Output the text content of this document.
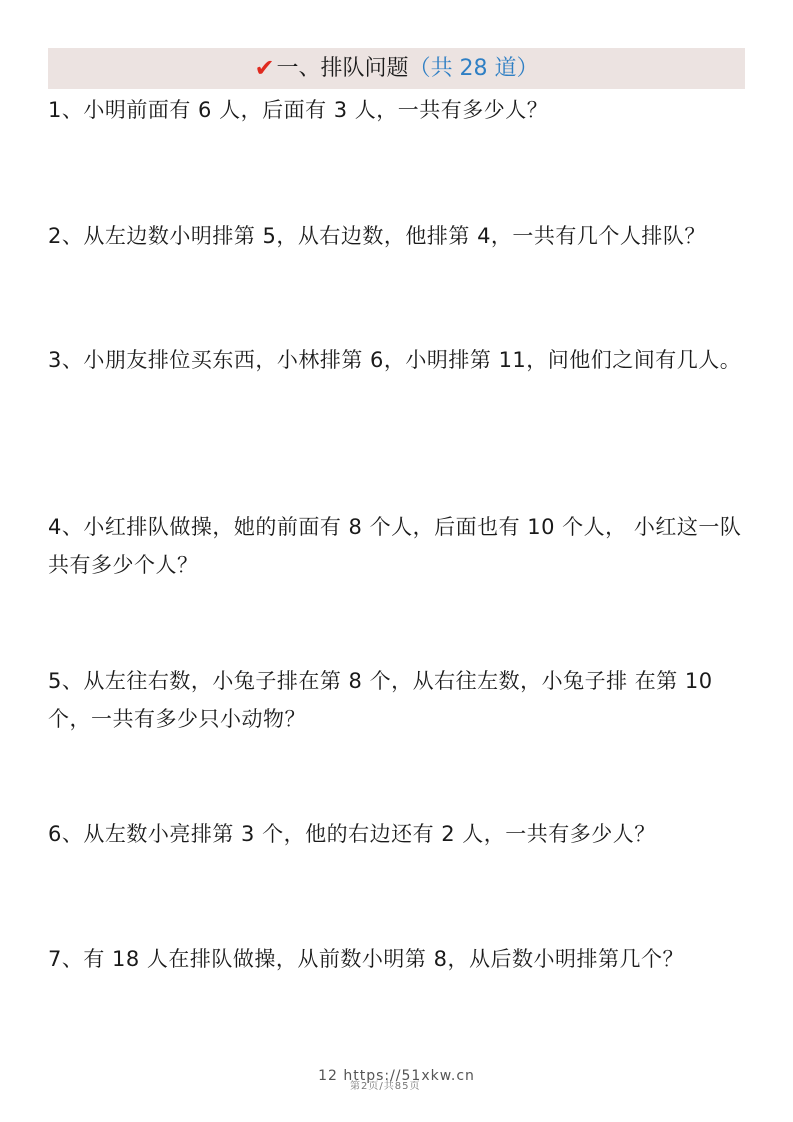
✔ 一、排队问题 （共 28 道）

1、小明前面有 6 人，后面有 3 人，一共有多少人？

2、从左边数小明排第 5，从右边数，他排第 4，一共有几个人排队？

3、小朋友排位买东西，小林排第 6，小明排第 11，问他们之间有几人。

4、小红排队做操，她的前面有 8 个人，后面也有 10 个人， 小红这一队共有多少个人？

5、从左往右数，小兔子排在第 8 个，从右往左数，小兔子排 在第 10 个，一共有多少只小动物？

6、从左数小亮排第 3 个，他的右边还有 2 人，一共有多少人？

7、有 18 人在排队做操，从前数小明第 8，从后数小明排第几个？

12 https://51xkw.cn
第2页/共85页
